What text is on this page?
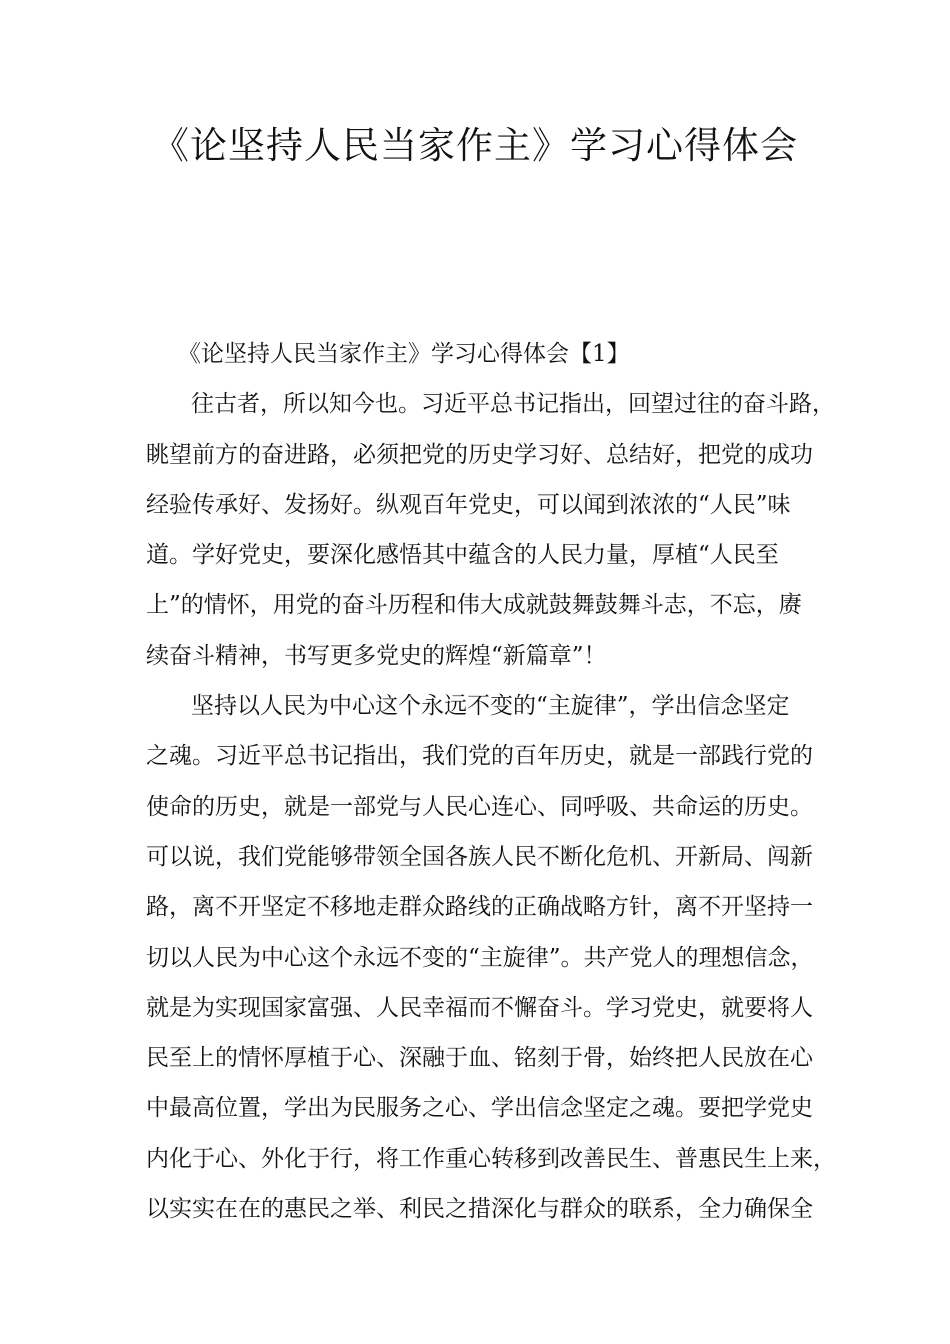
《论坚持人民当家作主》学习心得体会
《论坚持人民当家作主》学习心得体会【1】
往古者，所以知今也。习近平总书记指出，回望过往的奋斗路，
眺望前方的奋进路，必须把党的历史学习好、总结好，把党的成功
经验传承好、发扬好。纵观百年党史，可以闻到浓浓的“人民”味
道。学好党史，要深化感悟其中蕴含的人民力量，厚植“人民至
上”的情怀，用党的奋斗历程和伟大成就鼓舞鼓舞斗志，不忘，赓
续奋斗精神，书写更多党史的辉煌“新篇章”！
坚持以人民为中心这个永远不变的“主旋律”，学出信念坚定
之魂。习近平总书记指出，我们党的百年历史，就是一部践行党的
使命的历史，就是一部党与人民心连心、同呼吸、共命运的历史。
可以说，我们党能够带领全国各族人民不断化危机、开新局、闯新
路，离不开坚定不移地走群众路线的正确战略方针，离不开坚持一
切以人民为中心这个永远不变的“主旋律”。共产党人的理想信念，
就是为实现国家富强、人民幸福而不懈奋斗。学习党史，就要将人
民至上的情怀厚植于心、深融于血、铭刻于骨，始终把人民放在心
中最高位置，学出为民服务之心、学出信念坚定之魂。要把学党史
内化于心、外化于行，将工作重心转移到改善民生、普惠民生上来，
以实实在在的惠民之举、利民之措深化与群众的联系，全力确保全
